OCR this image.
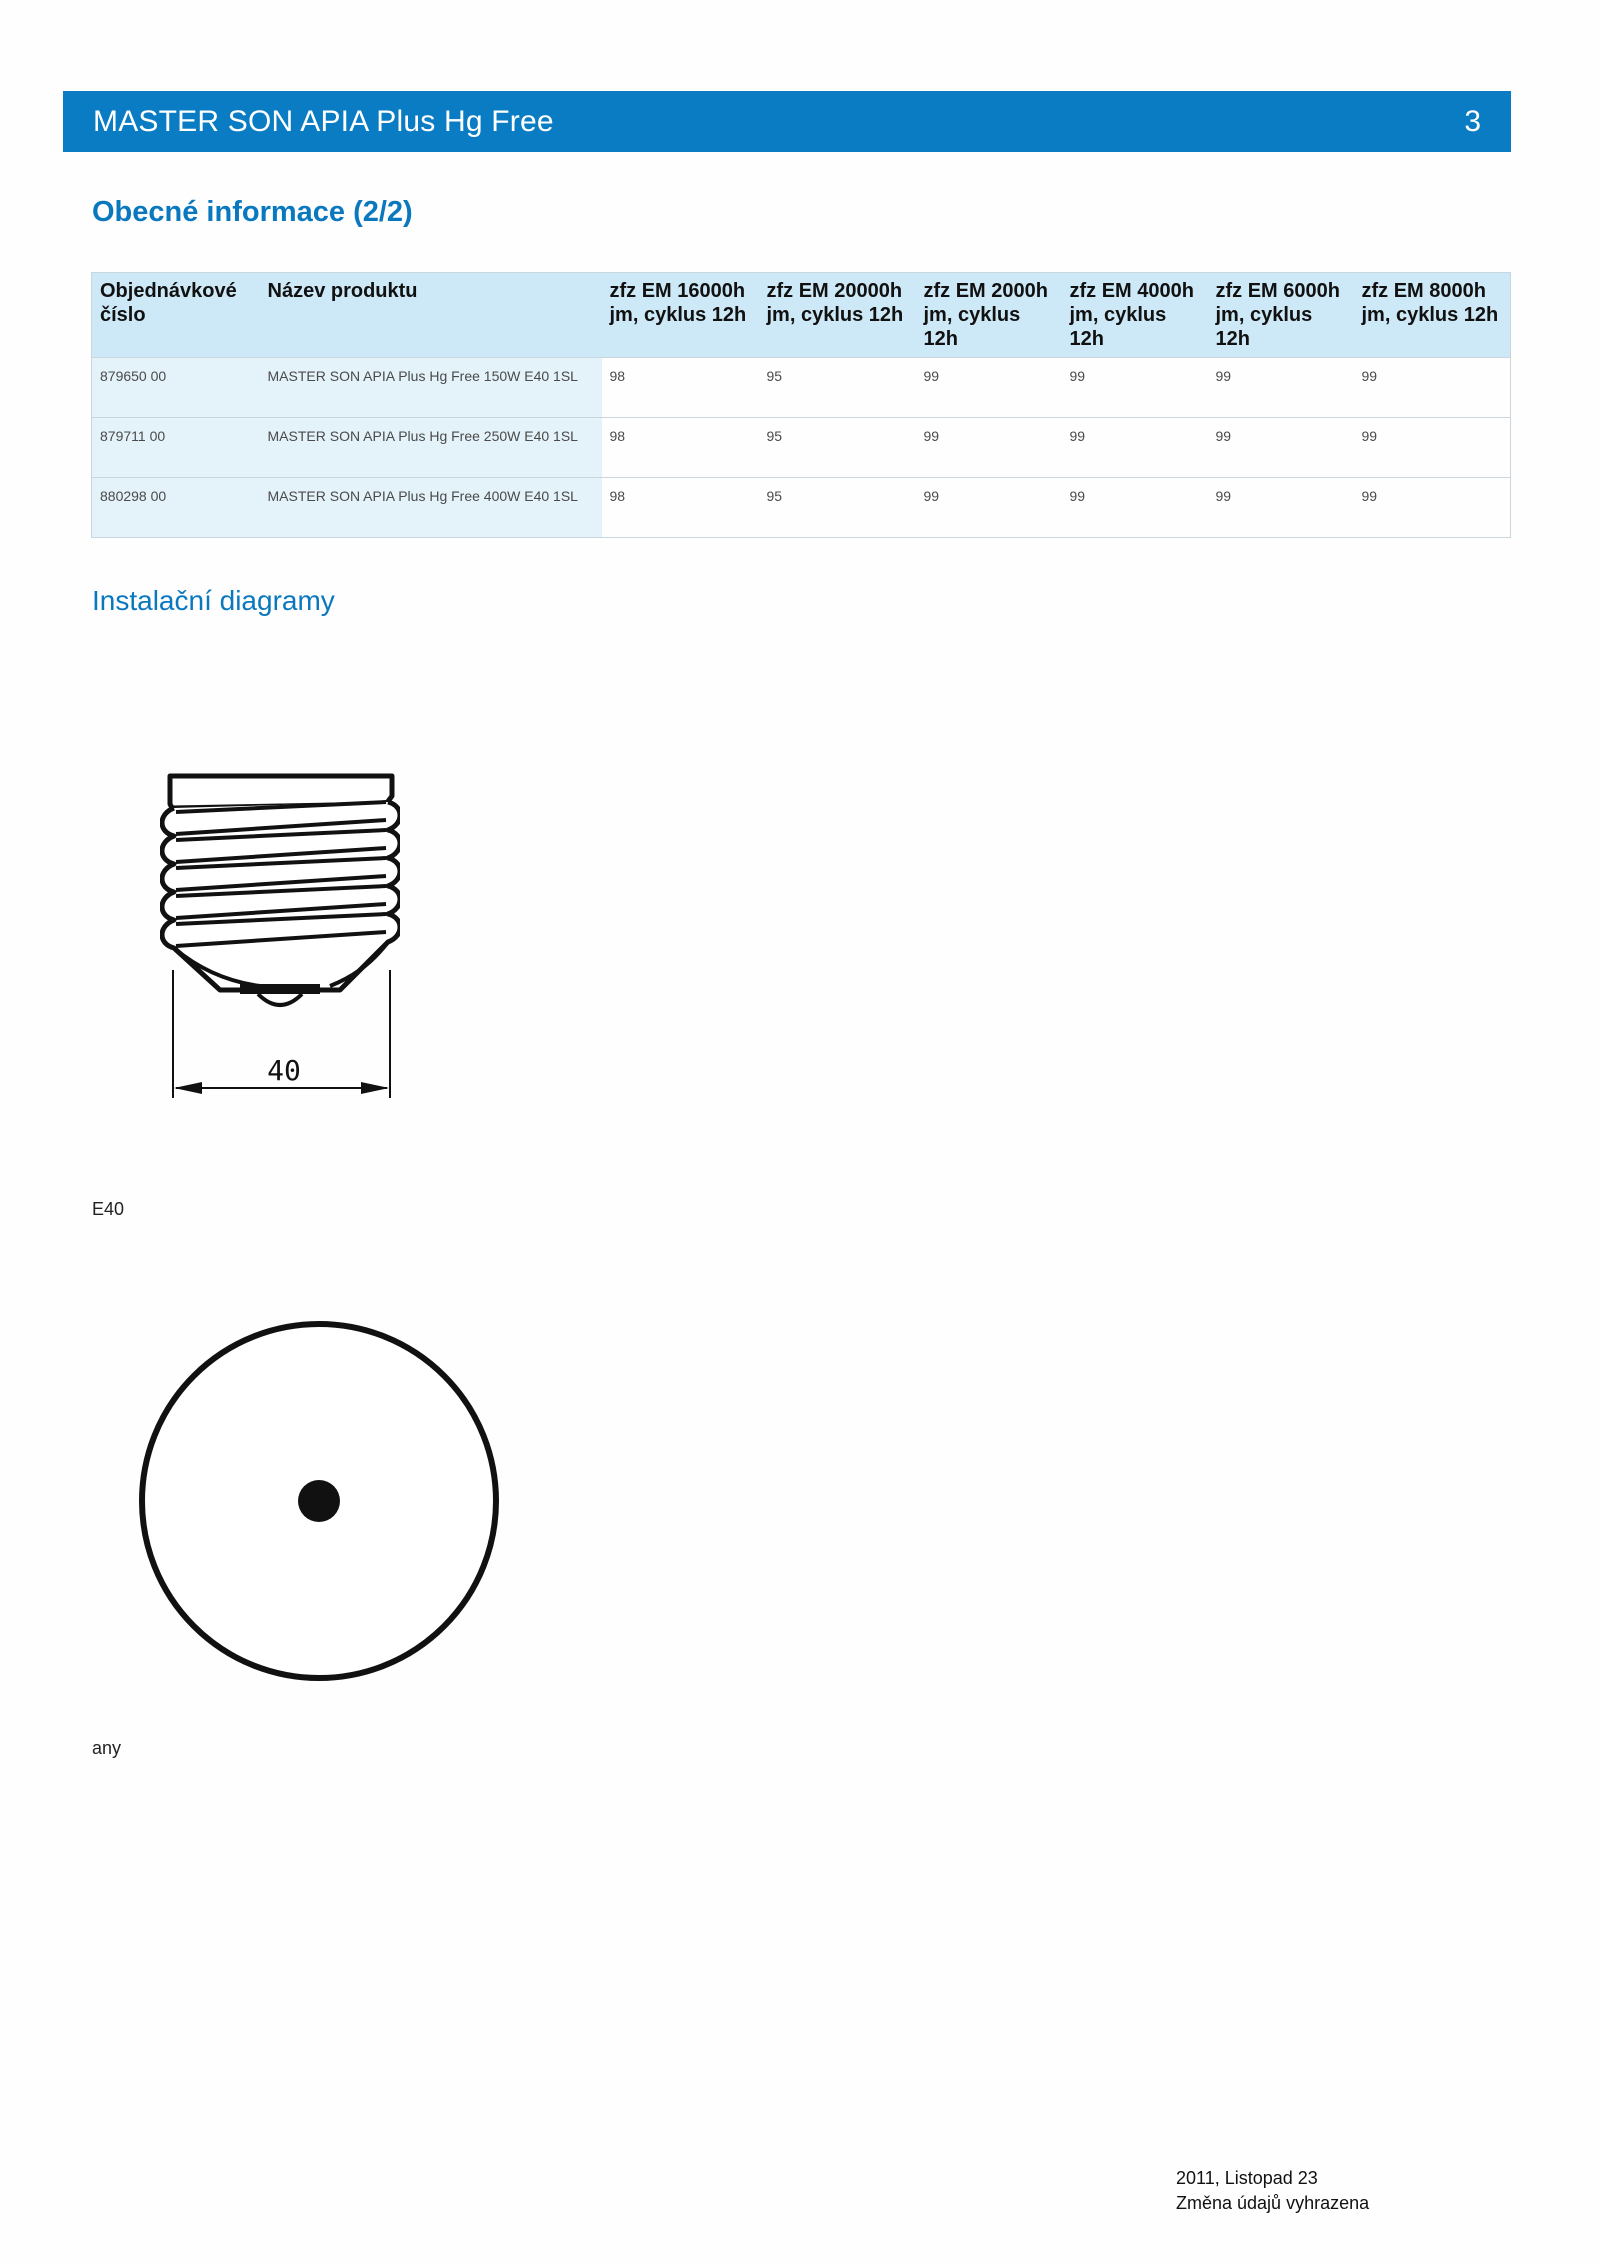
MASTER SON APIA Plus Hg Free	3
Obecné informace (2/2)
Objednávkové číslo	Název produktu	zfz EM 16000h jm, cyklus 12h	zfz EM 20000h jm, cyklus 12h	zfz EM 2000h jm, cyklus 12h	zfz EM 4000h jm, cyklus 12h	zfz EM 6000h jm, cyklus 12h	zfz EM 8000h jm, cyklus 12h
879650 00	MASTER SON APIA Plus Hg Free 150W E40 1SL	98	95	99	99	99	99
879711 00	MASTER SON APIA Plus Hg Free 250W E40 1SL	98	95	99	99	99	99
880298 00	MASTER SON APIA Plus Hg Free 400W E40 1SL	98	95	99	99	99	99
Instalační diagramy
40
E40
any
2011, Listopad 23
Změna údajů vyhrazena
